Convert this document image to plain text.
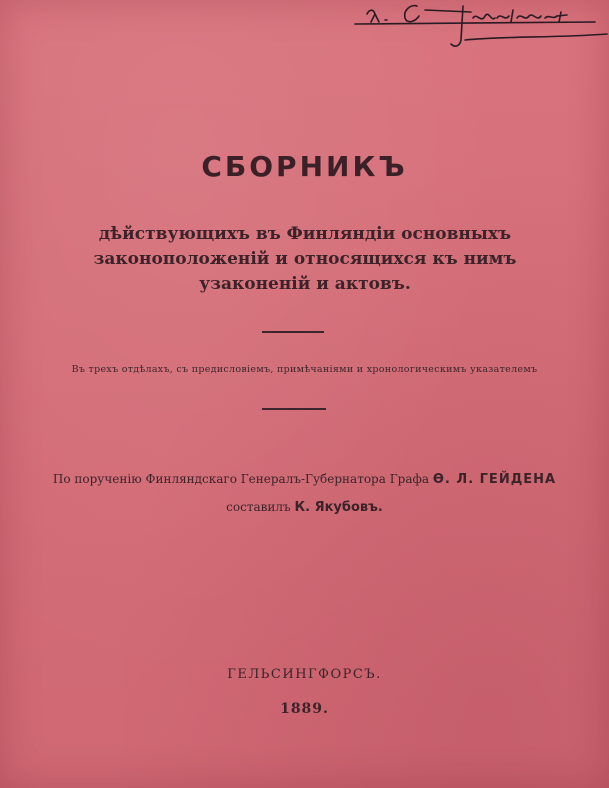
СБОРНИКЪ
дѣйствующихъ въ Финляндіи основныхъ законоположеній и относящихся къ нимъ узаконеній и актовъ.
Въ трехъ отдѣлахъ, съ предисловіемъ, примѣчаніями и хронологическимъ указателемъ
По порученію Финляндскаго Генералъ-Губернатора Графа Ѳ. Л. ГЕЙДЕНА
составилъ К. Якубовъ.
ГЕЛЬСИНГФОРСЪ.
1889.
